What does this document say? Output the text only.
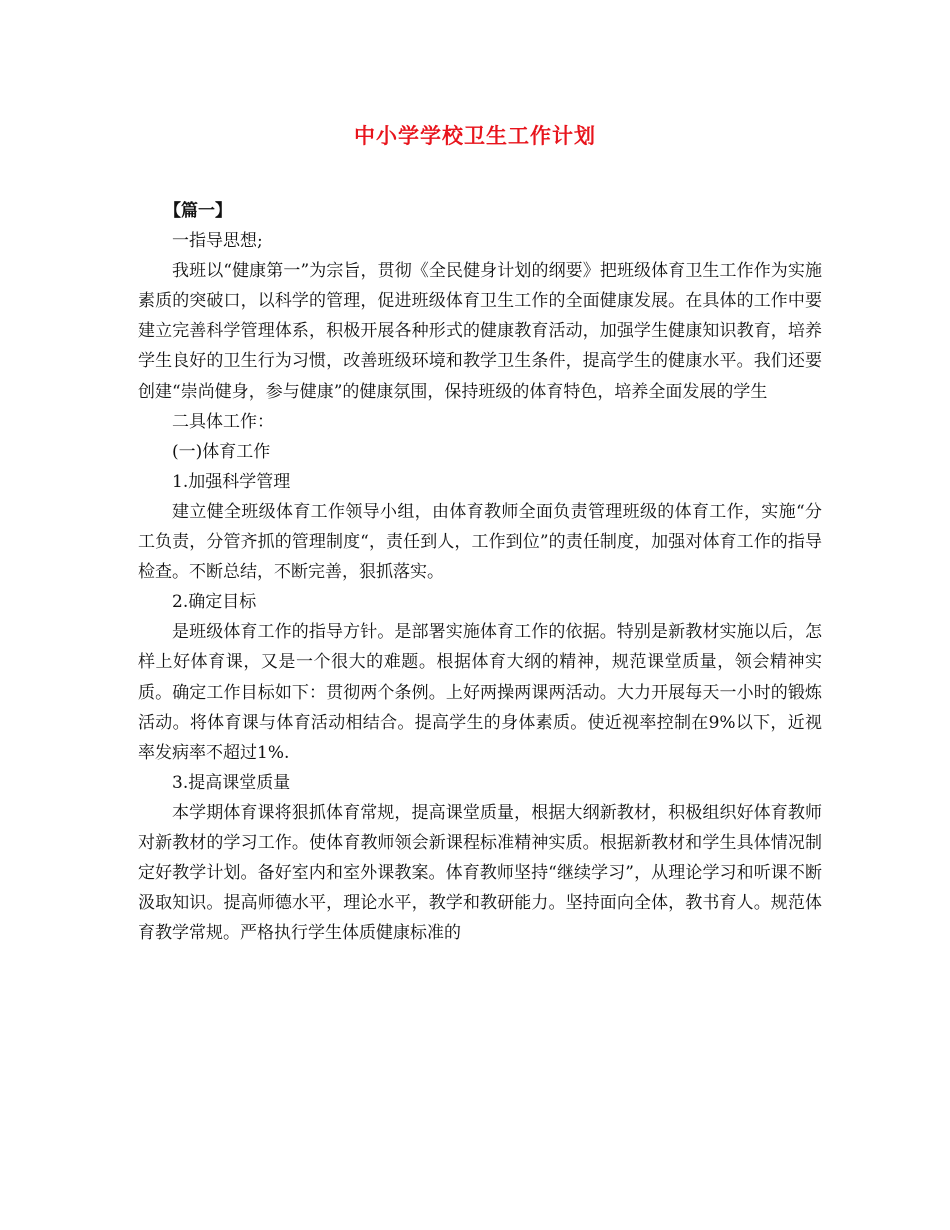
中小学学校卫生工作计划

【篇一】

一指导思想;

我班以“健康第一”为宗旨，贯彻《全民健身计划的纲要》把班级体育卫生工作作为实施素质的突破口，以科学的管理，促进班级体育卫生工作的全面健康发展。在具体的工作中要建立完善科学管理体系，积极开展各种形式的健康教育活动，加强学生健康知识教育，培养学生良好的卫生行为习惯，改善班级环境和教学卫生条件，提高学生的健康水平。我们还要创建“崇尚健身，参与健康”的健康氛围，保持班级的体育特色，培养全面发展的学生

二具体工作：

(一)体育工作

1.加强科学管理

建立健全班级体育工作领导小组，由体育教师全面负责管理班级的体育工作，实施“分工负责，分管齐抓的管理制度“，责任到人，工作到位”的责任制度，加强对体育工作的指导检查。不断总结，不断完善，狠抓落实。

2.确定目标

是班级体育工作的指导方针。是部署实施体育工作的依据。特别是新教材实施以后，怎样上好体育课，又是一个很大的难题。根据体育大纲的精神，规范课堂质量，领会精神实质。确定工作目标如下：贯彻两个条例。上好两操两课两活动。大力开展每天一小时的锻炼活动。将体育课与体育活动相结合。提高学生的身体素质。使近视率控制在9%以下，近视率发病率不超过1%.

3.提高课堂质量

本学期体育课将狠抓体育常规，提高课堂质量，根据大纲新教材，积极组织好体育教师对新教材的学习工作。使体育教师领会新课程标准精神实质。根据新教材和学生具体情况制定好教学计划。备好室内和室外课教案。体育教师坚持“继续学习”，从理论学习和听课不断汲取知识。提高师德水平，理论水平，教学和教研能力。坚持面向全体，教书育人。规范体育教学常规。严格执行学生体质健康标准的
